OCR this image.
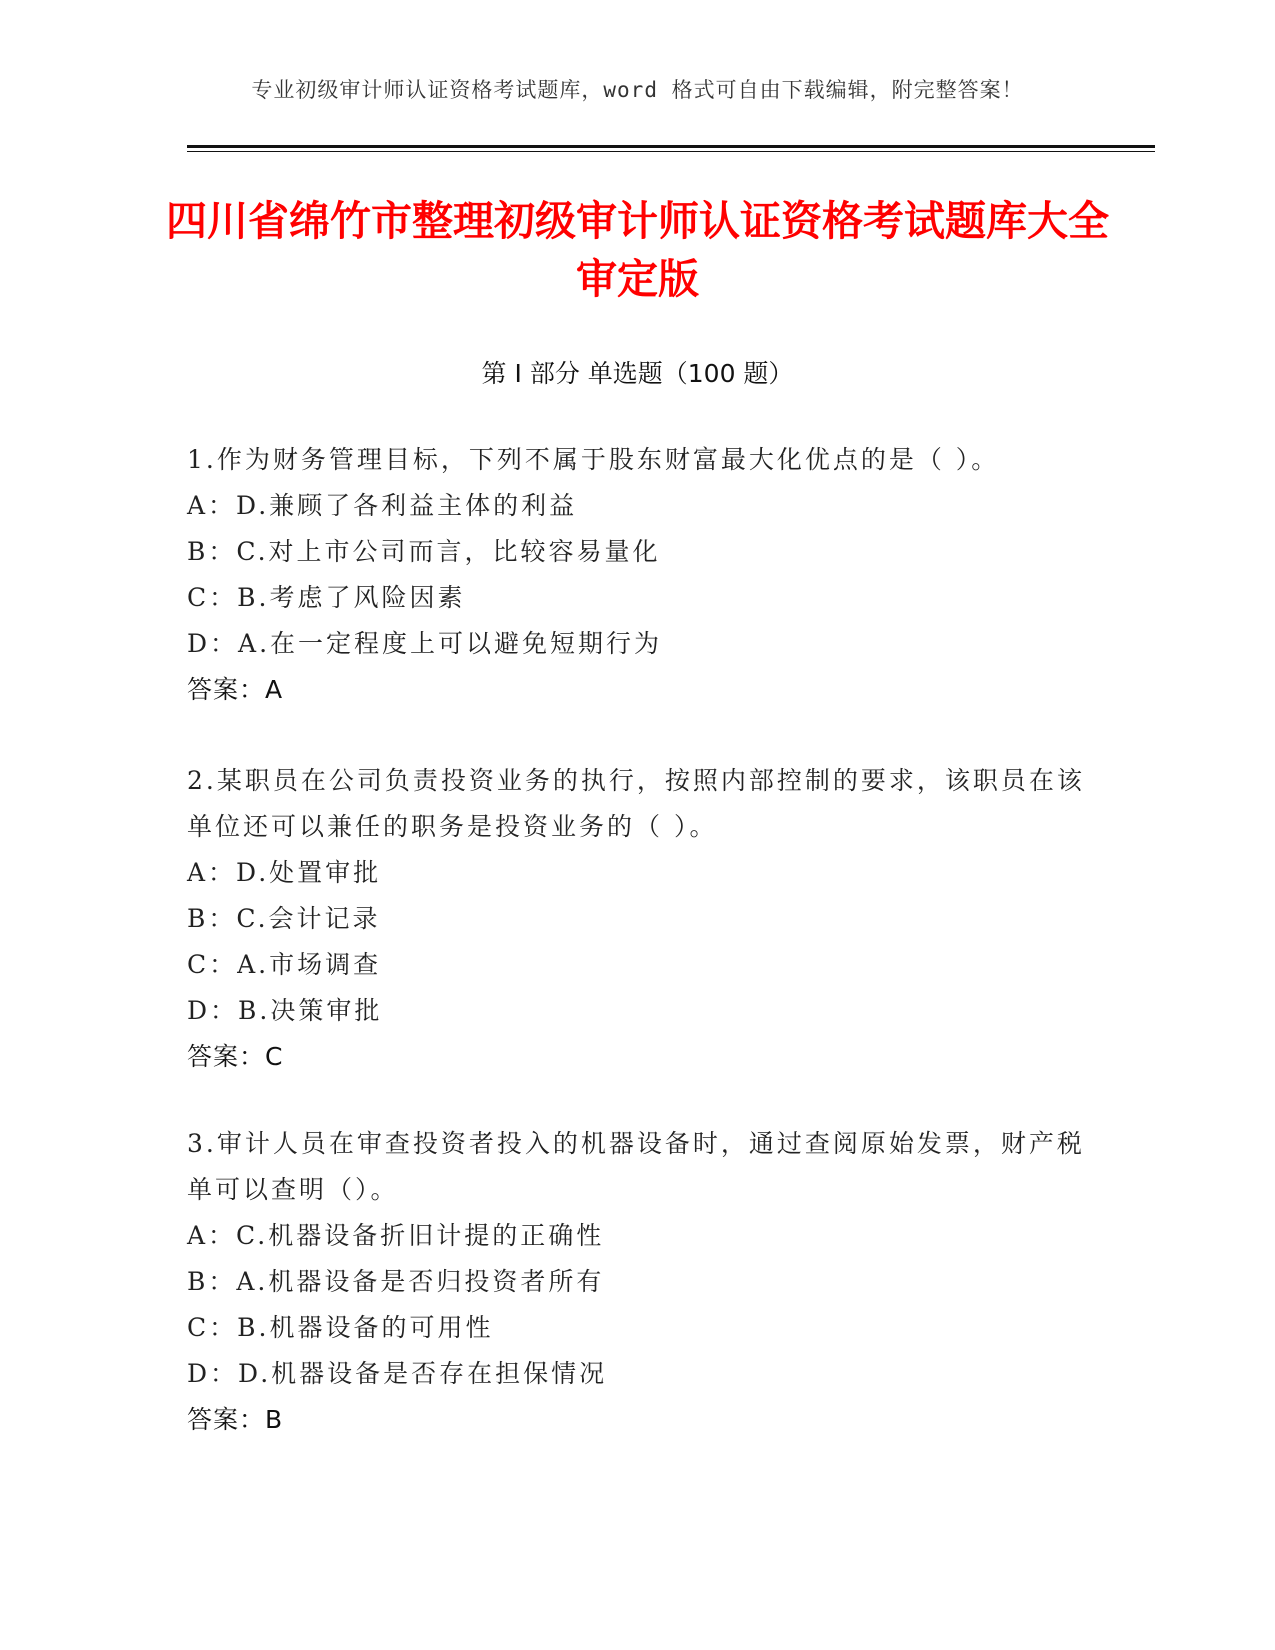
专业初级审计师认证资格考试题库，word 格式可自由下载编辑，附完整答案！
四川省绵竹市整理初级审计师认证资格考试题库大全审定版
第 I 部分 单选题（100 题）

1.作为财务管理目标，下列不属于股东财富最大化优点的是（ ）。

A：D.兼顾了各利益主体的利益

B：C.对上市公司而言，比较容易量化

C：B.考虑了风险因素

D：A.在一定程度上可以避免短期行为

答案：A

2.某职员在公司负责投资业务的执行，按照内部控制的要求，该职员在该单位还可以兼任的职务是投资业务的（ ）。

A：D.处置审批

B：C.会计记录

C：A.市场调查

D：B.决策审批

答案：C

3.审计人员在审查投资者投入的机器设备时，通过查阅原始发票，财产税单可以查明（）。

A：C.机器设备折旧计提的正确性

B：A.机器设备是否归投资者所有

C：B.机器设备的可用性

D：D.机器设备是否存在担保情况

答案：B
